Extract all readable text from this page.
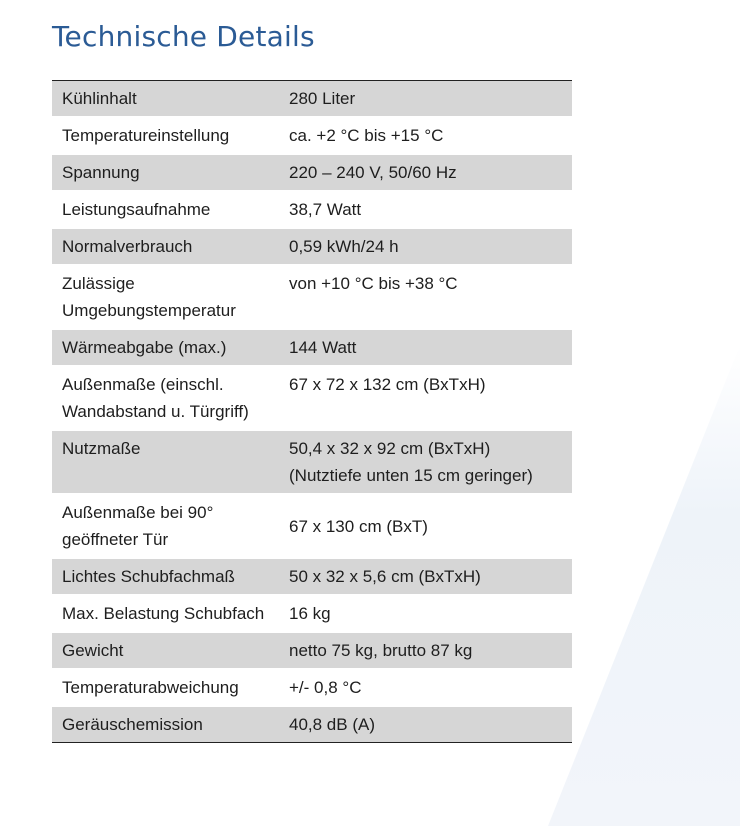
Technische Details
Kühlinhalt	280 Liter
Temperatureinstellung	ca. +2 °C bis +15 °C
Spannung	220 – 240 V, 50/60 Hz
Leistungsaufnahme	38,7 Watt
Normalverbrauch	0,59 kWh/24 h
Zulässige Umgebungstemperatur	von +10 °C bis +38 °C
Wärmeabgabe (max.)	144 Watt
Außenmaße (einschl. Wandabstand u. Türgriff)	67 x 72 x 132 cm (BxTxH)
Nutzmaße	50,4 x 32 x 92 cm (BxTxH) (Nutztiefe unten 15 cm geringer)
Außenmaße bei 90° geöffneter Tür	67 x 130 cm (BxT)
Lichtes Schubfachmaß	50 x 32 x 5,6 cm (BxTxH)
Max. Belastung Schubfach	16 kg
Gewicht	netto 75 kg, brutto 87 kg
Temperaturabweichung	+/- 0,8 °C
Geräuschemission	40,8 dB (A)
